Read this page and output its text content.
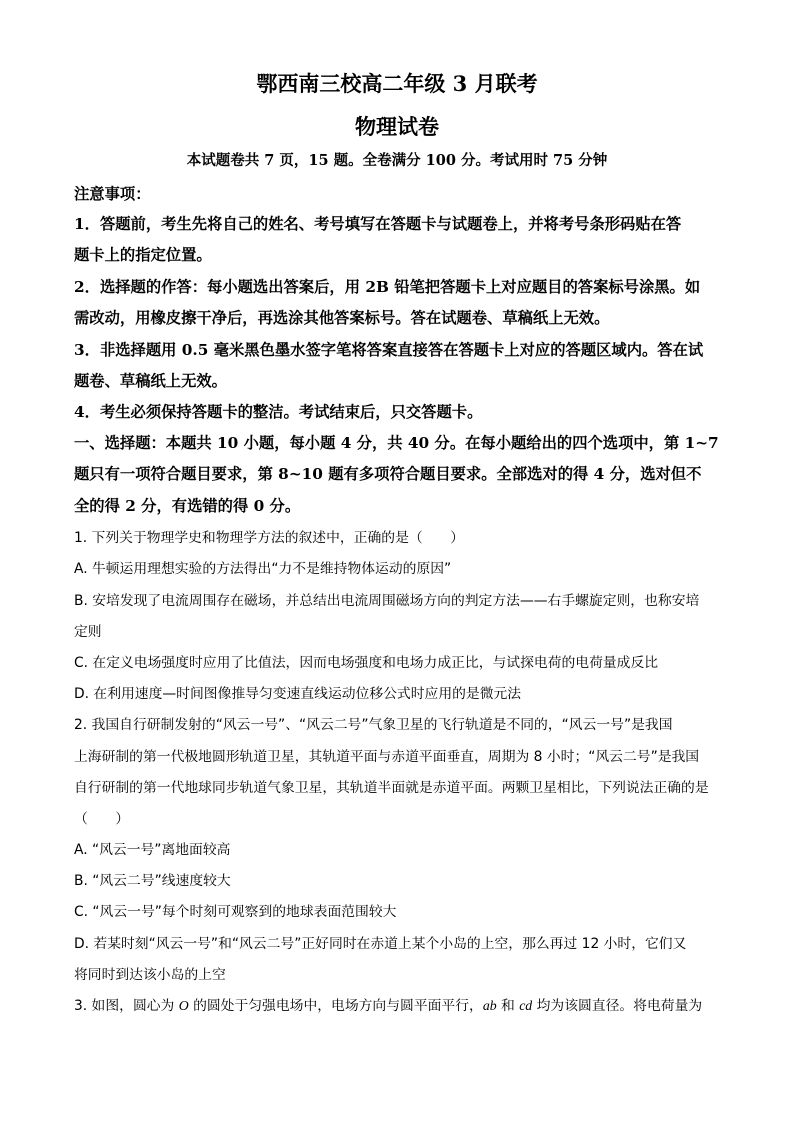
鄂西南三校高二年级 3 月联考
物理试卷
本试题卷共 7 页，15 题。全卷满分 100 分。考试用时 75 分钟
注意事项：
1．答题前，考生先将自己的姓名、考号填写在答题卡与试题卷上，并将考号条形码贴在答
题卡上的指定位置。
2．选择题的作答：每小题选出答案后，用 2B 铅笔把答题卡上对应题目的答案标号涂黑。如
需改动，用橡皮擦干净后，再选涂其他答案标号。答在试题卷、草稿纸上无效。
3．非选择题用 0.5 毫米黑色墨水签字笔将答案直接答在答题卡上对应的答题区域内。答在试
题卷、草稿纸上无效。
4．考生必须保持答题卡的整洁。考试结束后，只交答题卡。
一、选择题：本题共 10 小题，每小题 4 分，共 40 分。在每小题给出的四个选项中，第 1~7
题只有一项符合题目要求，第 8~10 题有多项符合题目要求。全部选对的得 4 分，选对但不
全的得 2 分，有选错的得 0 分。
1. 下列关于物理学史和物理学方法的叙述中，正确的是（　　）
A. 牛顿运用理想实验的方法得出“力不是维持物体运动的原因”
B. 安培发现了电流周围存在磁场，并总结出电流周围磁场方向的判定方法——右手螺旋定则，也称安培
定则
C. 在定义电场强度时应用了比值法，因而电场强度和电场力成正比，与试探电荷的电荷量成反比
D. 在利用速度—时间图像推导匀变速直线运动位移公式时应用的是微元法
2. 我国自行研制发射的“风云一号”、“风云二号”气象卫星的飞行轨道是不同的，“风云一号”是我国
上海研制的第一代极地圆形轨道卫星，其轨道平面与赤道平面垂直，周期为 8 小时；“风云二号”是我国
自行研制的第一代地球同步轨道气象卫星，其轨道半面就是赤道平面。两颗卫星相比，下列说法正确的是
（　　）
A. “风云一号”离地面较高
B. “风云二号”线速度较大
C. “风云一号”每个时刻可观察到的地球表面范围较大
D. 若某时刻“风云一号”和“风云二号”正好同时在赤道上某个小岛的上空，那么再过 12 小时，它们又
将同时到达该小岛的上空
3. 如图，圆心为 O 的圆处于匀强电场中，电场方向与圆平面平行，ab 和 cd 均为该圆直径。将电荷量为
